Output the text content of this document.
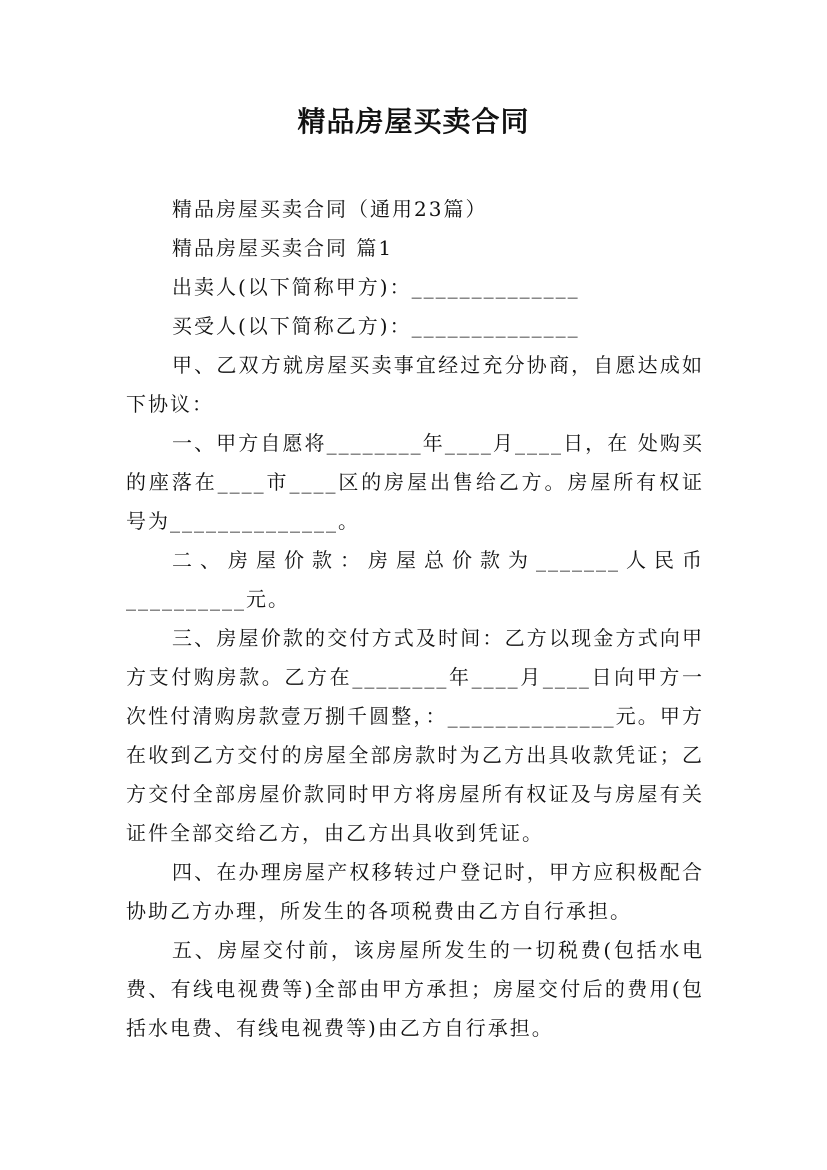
精品房屋买卖合同

精品房屋买卖合同（通用23篇）

精品房屋买卖合同 篇1

出卖人(以下简称甲方)：______________

买受人(以下简称乙方)：______________

甲、乙双方就房屋买卖事宜经过充分协商，自愿达成如下协议：

一、甲方自愿将________年____月____日，在 处购买的座落在____市____区的房屋出售给乙方。房屋所有权证号为______________。

二、房屋价款：房屋总价款为_______人民币__________元。

三、房屋价款的交付方式及时间：乙方以现金方式向甲方支付购房款。乙方在________年____月____日向甲方一次性付清购房款壹万捌千圆整，：______________元。甲方在收到乙方交付的房屋全部房款时为乙方出具收款凭证；乙方交付全部房屋价款同时甲方将房屋所有权证及与房屋有关证件全部交给乙方，由乙方出具收到凭证。

四、在办理房屋产权移转过户登记时，甲方应积极配合协助乙方办理，所发生的各项税费由乙方自行承担。

五、房屋交付前，该房屋所发生的一切税费(包括水电费、有线电视费等)全部由甲方承担；房屋交付后的费用(包括水电费、有线电视费等)由乙方自行承担。
